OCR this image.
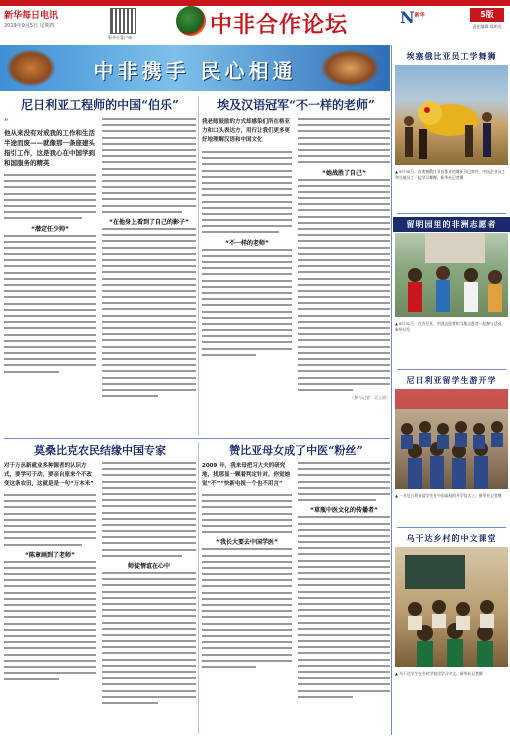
新华每日电讯
2019年9月5日 星期四
新华社客户端	中非合作论坛	$N^{新华}$	5版
责任编辑 郑明光
中非携手 民心相通
尼日利亚工程师的中国“伯乐”
“
他从来没有对戒我的工作和生活半途而废——就像那一条座建头指引工作，这是我心在中国学到和国服务的精英
“潜定任少帅”
“在他身上看到了自己的影子”
埃及汉语冠军“不一样的老师”
我老师鼓励的方式却感染们所在格亚力和口头表达方，用行让我们更多更好地理解汉语和中国文化
“不一样的老师”
“她战胜了自己”
（参与记者：吴玉斌）
莫桑比克农民结缘中国专家
对于万丛新就业多种源者的认识方式，要学可于动，要亲自原来个不改变这条农田，这就是是一句“万本米”
“陈章画到了老师”
师徒情谊在心中
赞比亚母女成了中医“粉丝”
2009 年，我来母把习大夫的研究地，找那显一颗着判定针对，你觉她觉“不”“快新电视一个也不用言”
“我长大要去中国学医”
“草瓶中医文化的传播者”
埃塞俄比亚员工学舞狮
▲ 9月30日，在埃塞俄比亚首都亚的斯亚贝巴郊外，中国企业员工和当地员工一起学习舞狮。新华社记者摄
留明园里的非洲志愿者
▲ 8月31日，在肯尼亚，中国志愿者和当地志愿者一起参与活动。新华社发
尼日利亚留学生游开学
▲ 一名尼日利亚留学生在中国高校的开学仪式上。新华社记者摄
乌干达乡村的中文课堂
▲ 乌干达学生在乡村学校里学习中文。新华社记者摄
